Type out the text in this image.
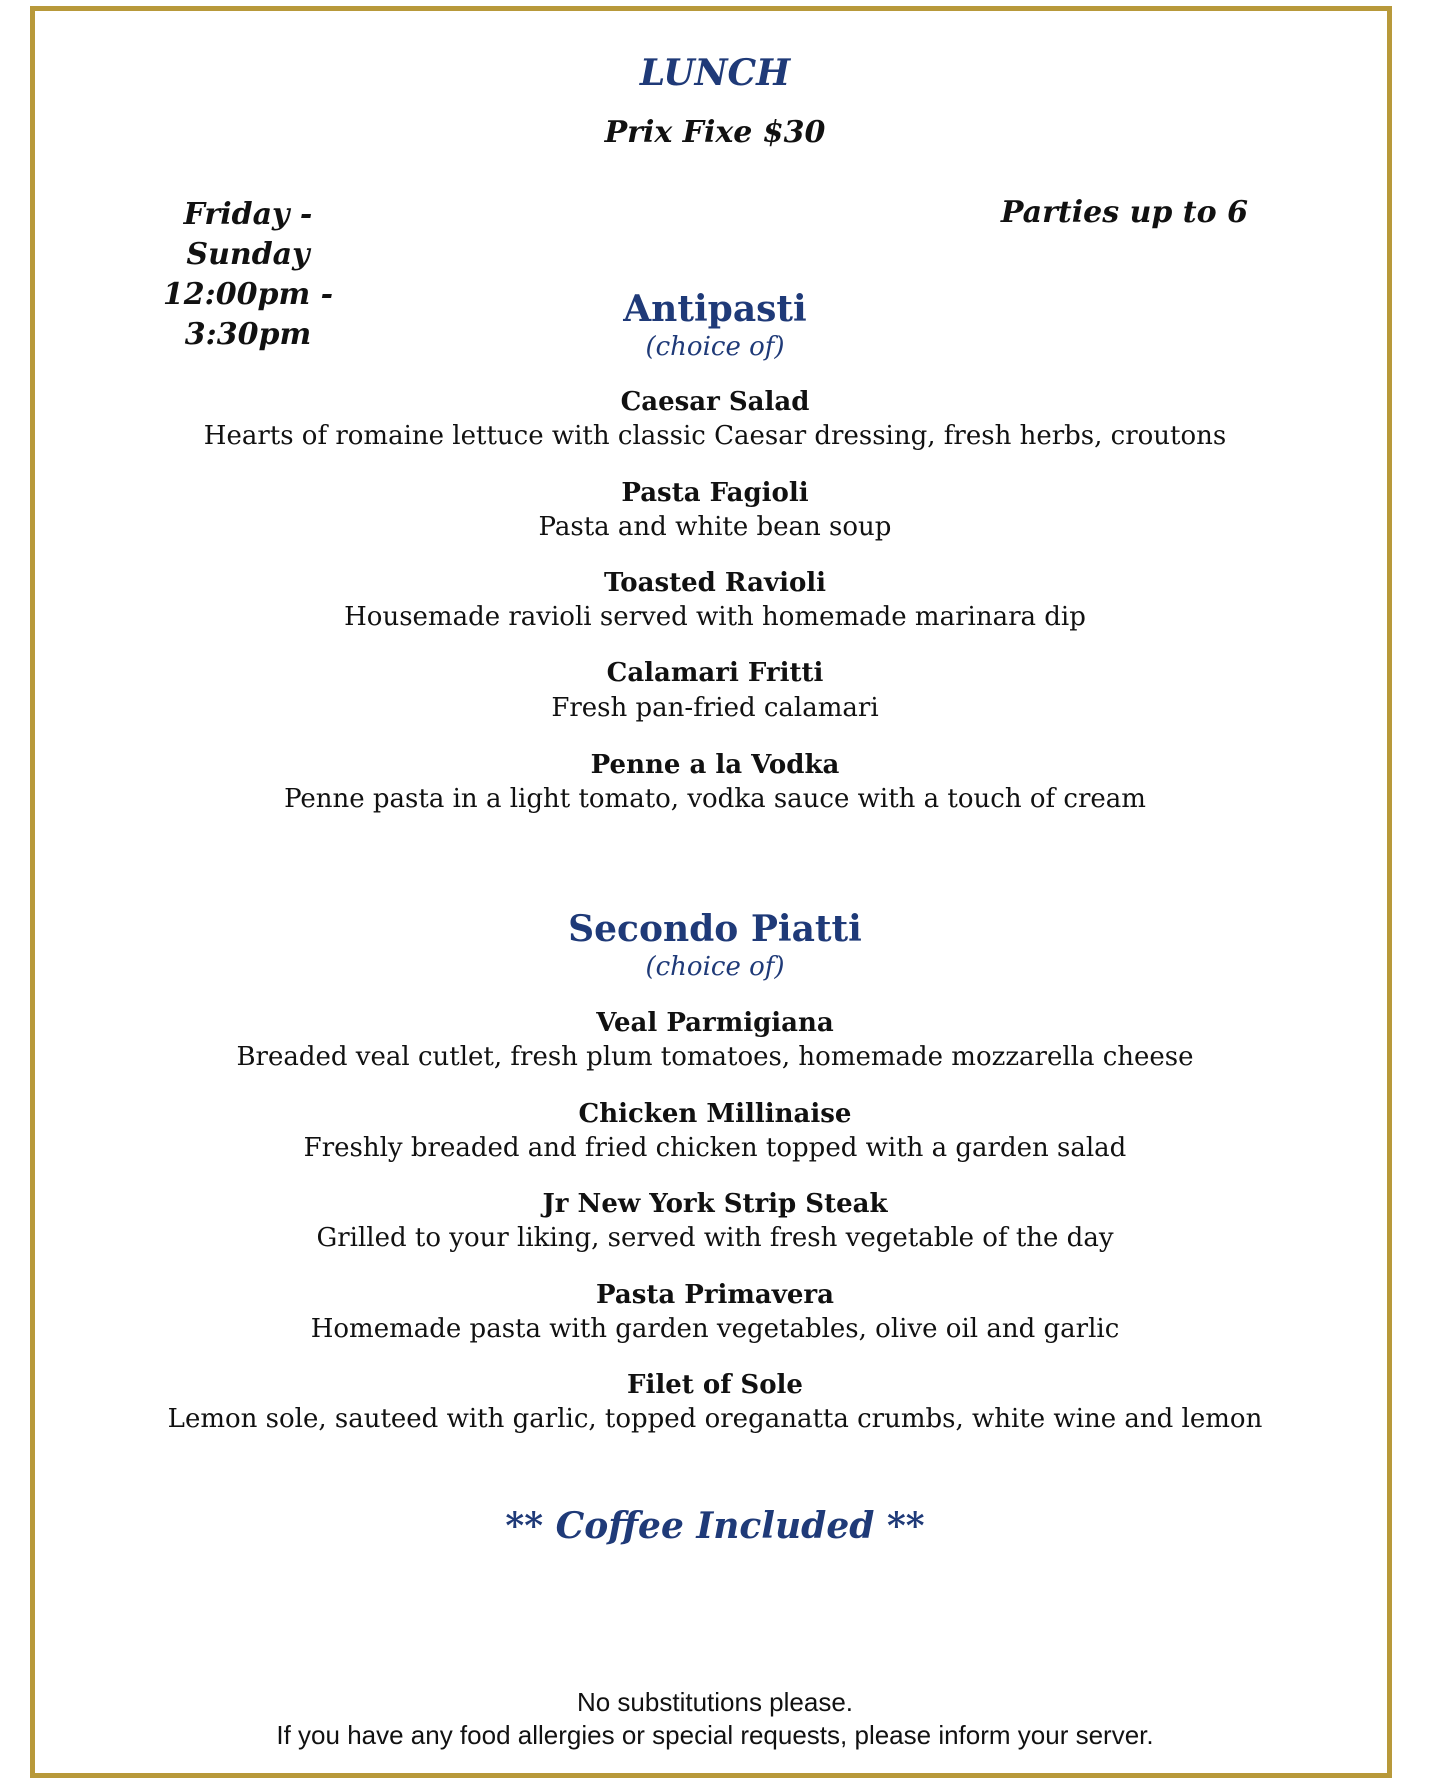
LUNCH
Prix Fixe $30
Friday - Sunday
12:00pm - 3:30pm
Parties up to 6
Antipasti
(choice of)
Caesar Salad
Hearts of romaine lettuce with classic Caesar dressing, fresh herbs, croutons
Pasta Fagioli
Pasta and white bean soup
Toasted Ravioli
Housemade ravioli served with homemade marinara dip
Calamari Fritti
Fresh pan-fried calamari
Penne a la Vodka
Penne pasta in a light tomato, vodka sauce with a touch of cream
Secondo Piatti
(choice of)
Veal Parmigiana
Breaded veal cutlet, fresh plum tomatoes, homemade mozzarella cheese
Chicken Millinaise
Freshly breaded and fried chicken topped with a garden salad
Jr New York Strip Steak
Grilled to your liking, served with fresh vegetable of the day
Pasta Primavera
Homemade pasta with garden vegetables, olive oil and garlic
Filet of Sole
Lemon sole, sauteed with garlic, topped oreganatta crumbs, white wine and lemon
** Coffee Included **
No substitutions please.
If you have any food allergies or special requests, please inform your server.
